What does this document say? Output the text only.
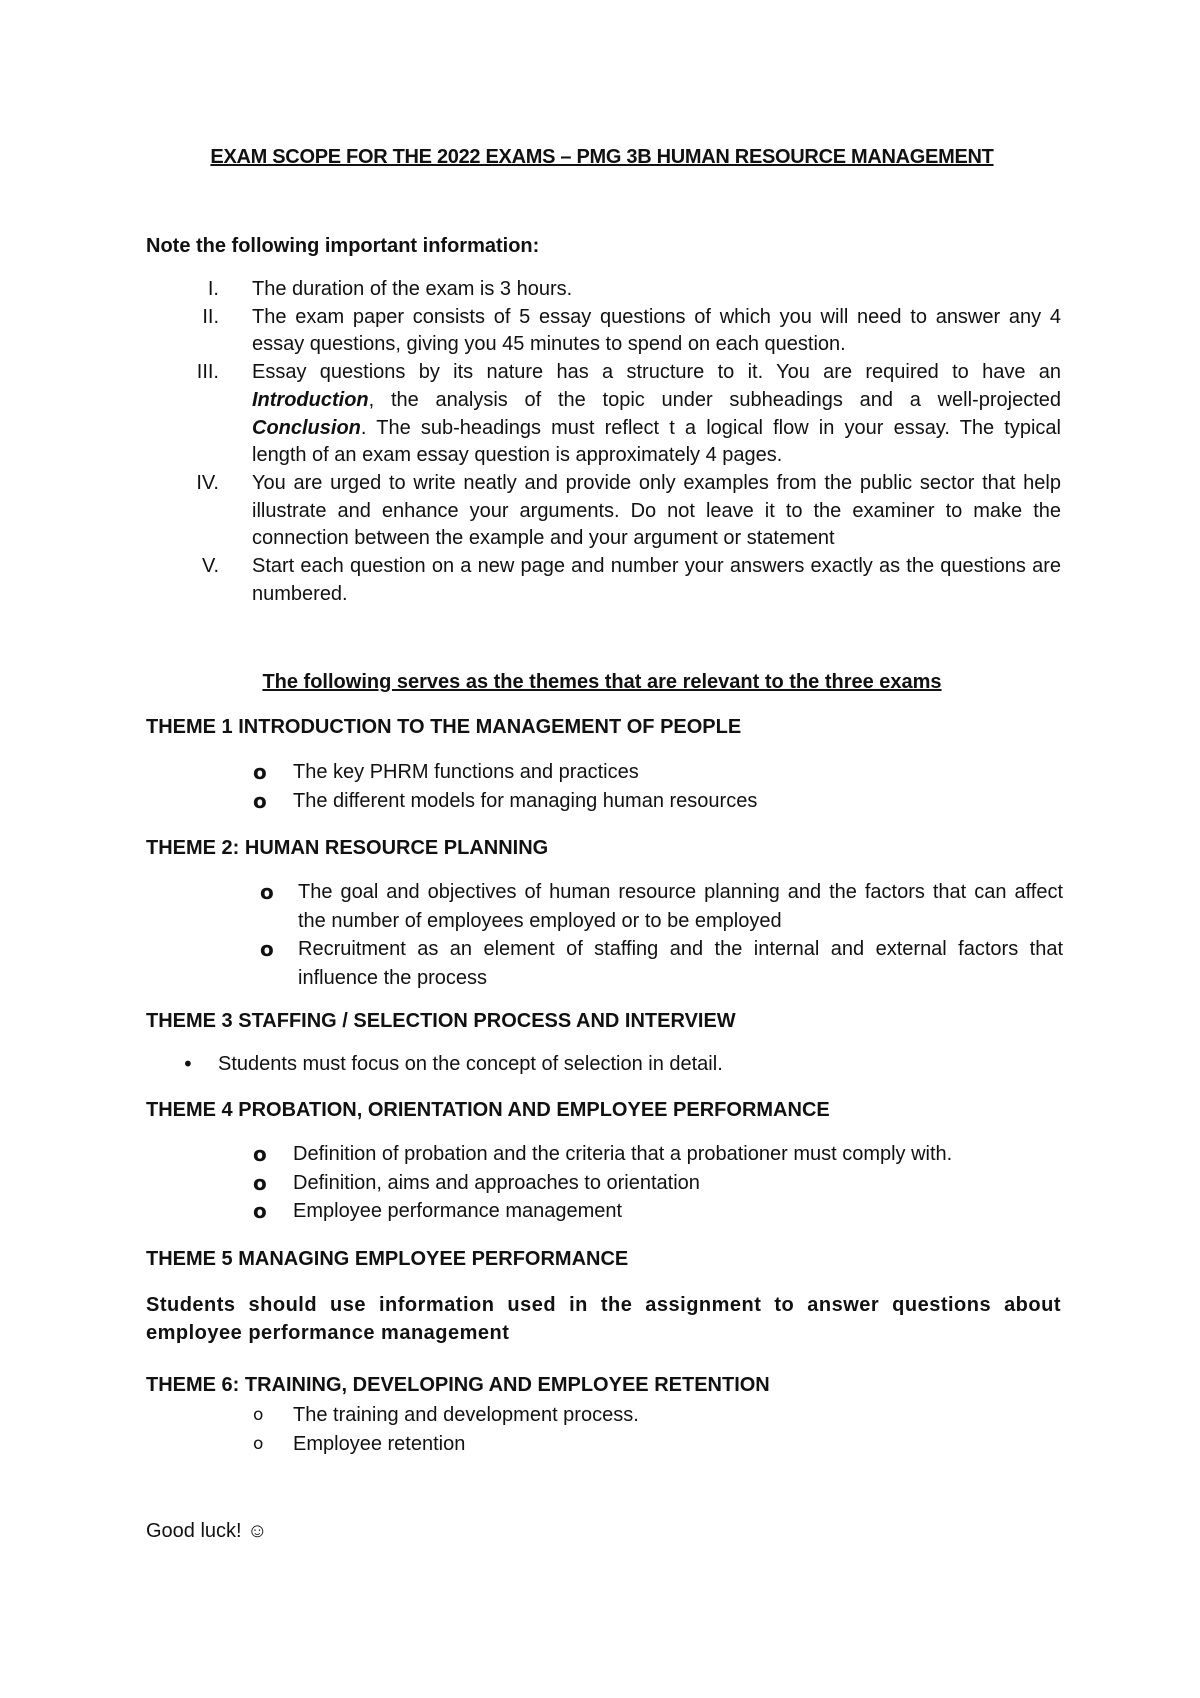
EXAM SCOPE FOR THE 2022 EXAMS – PMG 3B HUMAN RESOURCE MANAGEMENT
Note the following important information:
I.	The duration of the exam is 3 hours.
II.	The exam paper consists of 5 essay questions of which you will need to answer any 4 essay questions, giving you 45 minutes to spend on each question.
III.	Essay questions by its nature has a structure to it. You are required to have an Introduction, the analysis of the topic under subheadings and a well-projected Conclusion. The sub-headings must reflect t a logical flow in your essay. The typical length of an exam essay question is approximately 4 pages.
IV.	You are urged to write neatly and provide only examples from the public sector that help illustrate and enhance your arguments. Do not leave it to the examiner to make the connection between the example and your argument or statement
V.	Start each question on a new page and number your answers exactly as the questions are numbered.
The following serves as the themes that are relevant to the three exams
THEME 1 INTRODUCTION TO THE MANAGEMENT OF PEOPLE
o	The key PHRM functions and practices
o	The different models for managing human resources
THEME 2: HUMAN RESOURCE PLANNING
o	The goal and objectives of human resource planning and the factors that can affect the number of employees employed or to be employed
o	Recruitment as an element of staffing and the internal and external factors that influence the process
THEME 3 STAFFING / SELECTION PROCESS AND INTERVIEW
•	Students must focus on the concept of selection in detail.
THEME 4 PROBATION, ORIENTATION AND EMPLOYEE PERFORMANCE
o	Definition of probation and the criteria that a probationer must comply with.
o	Definition, aims and approaches to orientation
o	Employee performance management
THEME 5 MANAGING EMPLOYEE PERFORMANCE
Students should use information used in the assignment to answer questions about employee performance management
THEME 6: TRAINING, DEVELOPING AND EMPLOYEE RETENTION
o	The training and development process.
o	Employee retention
Good luck! ☺
